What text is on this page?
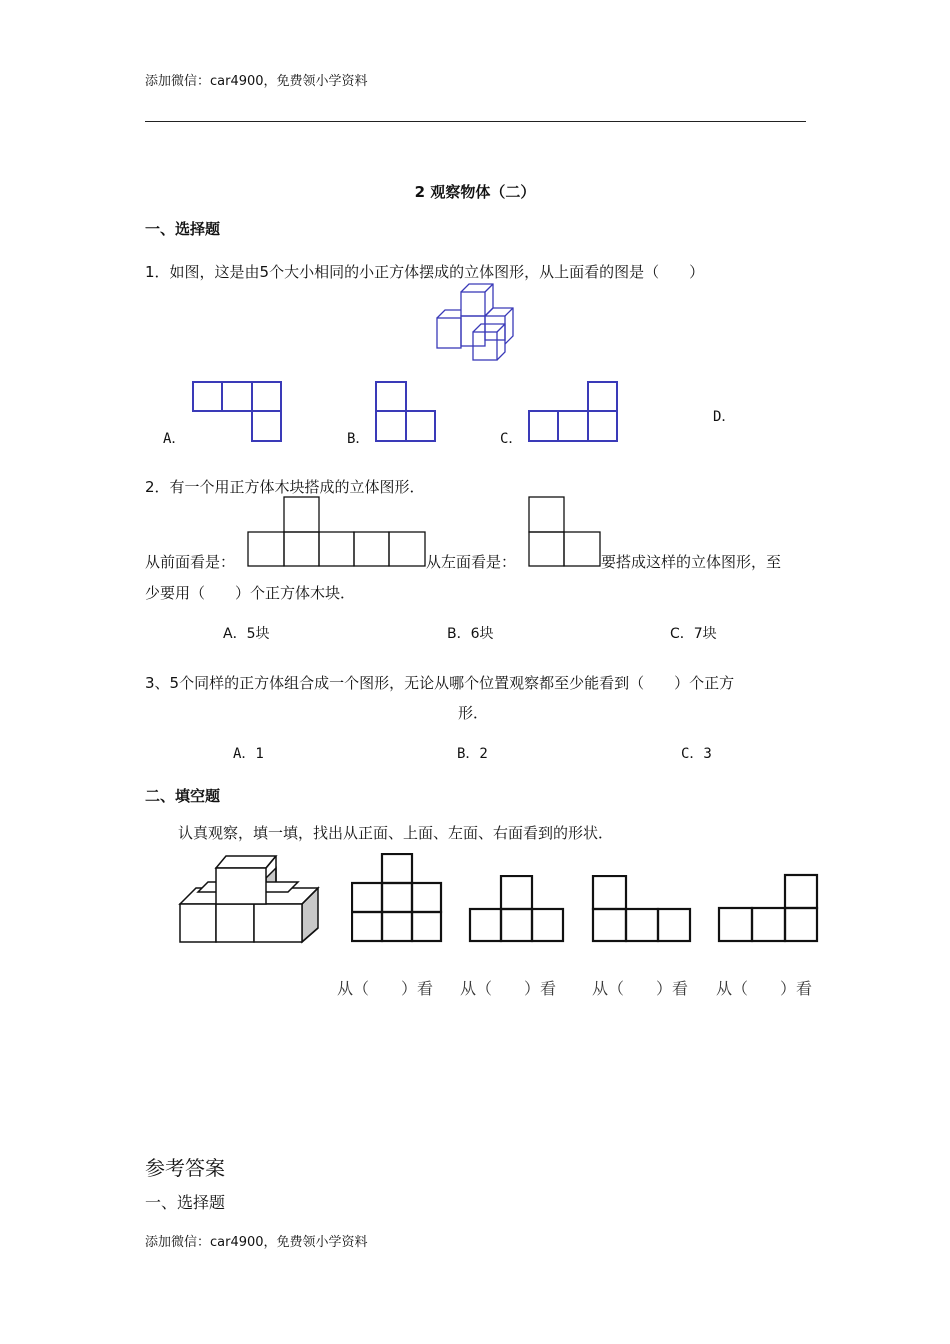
添加微信：car4900，免费领小学资料
2 观察物体（二）
一、选择题
1．如图，这是由5个大小相同的小正方体摆成的立体图形，从上面看的图是（　　）
A．	B．	C．
D．
2．有一个用正方体木块搭成的立体图形．
从前面看是：	从左面看是：	要搭成这样的立体图形，至
少要用（　　）个正方体木块．
A．5块	B．6块	C．7块
3、5个同样的正方体组合成一个图形，无论从哪个位置观察都至少能看到（　　）个正方
形．
A．1	B．2	C．3
二、填空题
认真观察，填一填，找出从正面、上面、左面、右面看到的形状．
从（　　）看 从（　　）看 从（　　）看 从（　　）看
参考答案
一、选择题
添加微信：car4900，免费领小学资料
